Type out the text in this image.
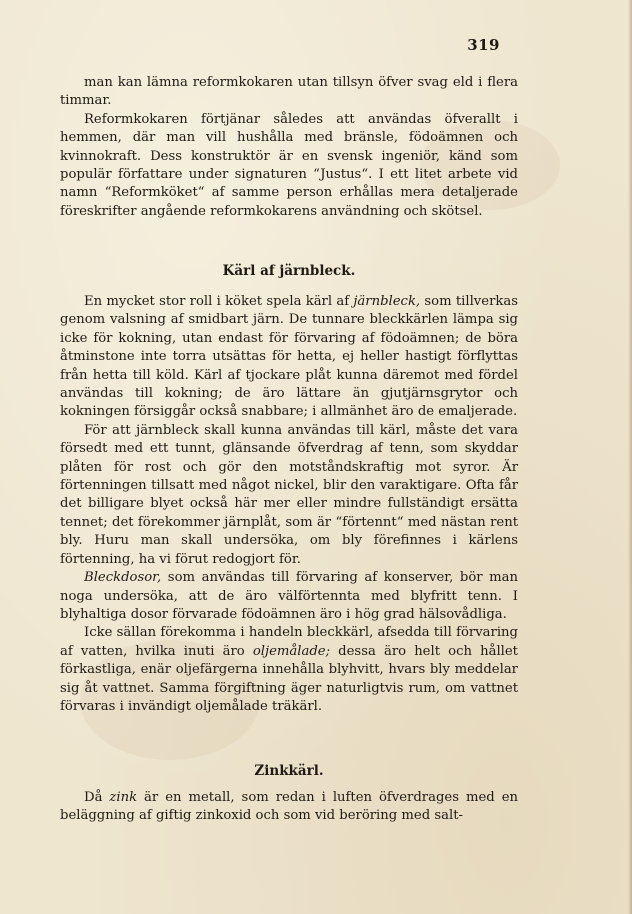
319

man kan lämna reformkokaren utan tillsyn öfver svag eld i flera timmar.

Reformkokaren förtjänar således att användas öfverallt i hemmen, där man vill hushålla med bränsle, födoämnen och kvinnokraft. Dess konstruktör är en svensk ingeniör, känd som populär författare under signaturen “Justus“. I ett litet arbete vid namn “Reformköket“ af samme person erhållas mera detaljerade föreskrifter angående reformkokarens användning och skötsel.

Kärl af järnbleck.

En mycket stor roll i köket spela kärl af järnbleck, som tillverkas genom valsning af smidbart järn. De tunnare bleckkärlen lämpa sig icke för kokning, utan endast för förvaring af födoämnen; de böra åtminstone inte torra utsättas för hetta, ej heller hastigt förflyttas från hetta till köld. Kärl af tjockare plåt kunna däremot med fördel användas till kokning; de äro lättare än gjutjärnsgrytor och kokningen försiggår också snabbare; i allmänhet äro de emaljerade.

För att järnbleck skall kunna användas till kärl, måste det vara försedt med ett tunnt, glänsande öfverdrag af tenn, som skyddar plåten för rost och gör den motståndskraftig mot syror. Är förtenningen tillsatt med något nickel, blir den varaktigare. Ofta får det billigare blyet också här mer eller mindre fullständigt ersätta tennet; det förekommer järnplåt, som är “förtennt“ med nästan rent bly. Huru man skall undersöka, om bly förefinnes i kärlens förtenning, ha vi förut redogjort för.

Bleckdosor, som användas till förvaring af konserver, bör man noga undersöka, att de äro välförtennta med blyfritt tenn. I blyhaltiga dosor förvarade födoämnen äro i hög grad hälsovådliga.

Icke sällan förekomma i handeln bleckkärl, afsedda till förvaring af vatten, hvilka inuti äro oljemålade; dessa äro helt och hållet förkastliga, enär oljefärgerna innehålla blyhvitt, hvars bly meddelar sig åt vattnet. Samma förgiftning äger naturligtvis rum, om vattnet förvaras i invändigt oljemålade träkärl.

Zinkkärl.

Då zink är en metall, som redan i luften öfverdrages med en beläggning af giftig zinkoxid och som vid beröring med salt-
